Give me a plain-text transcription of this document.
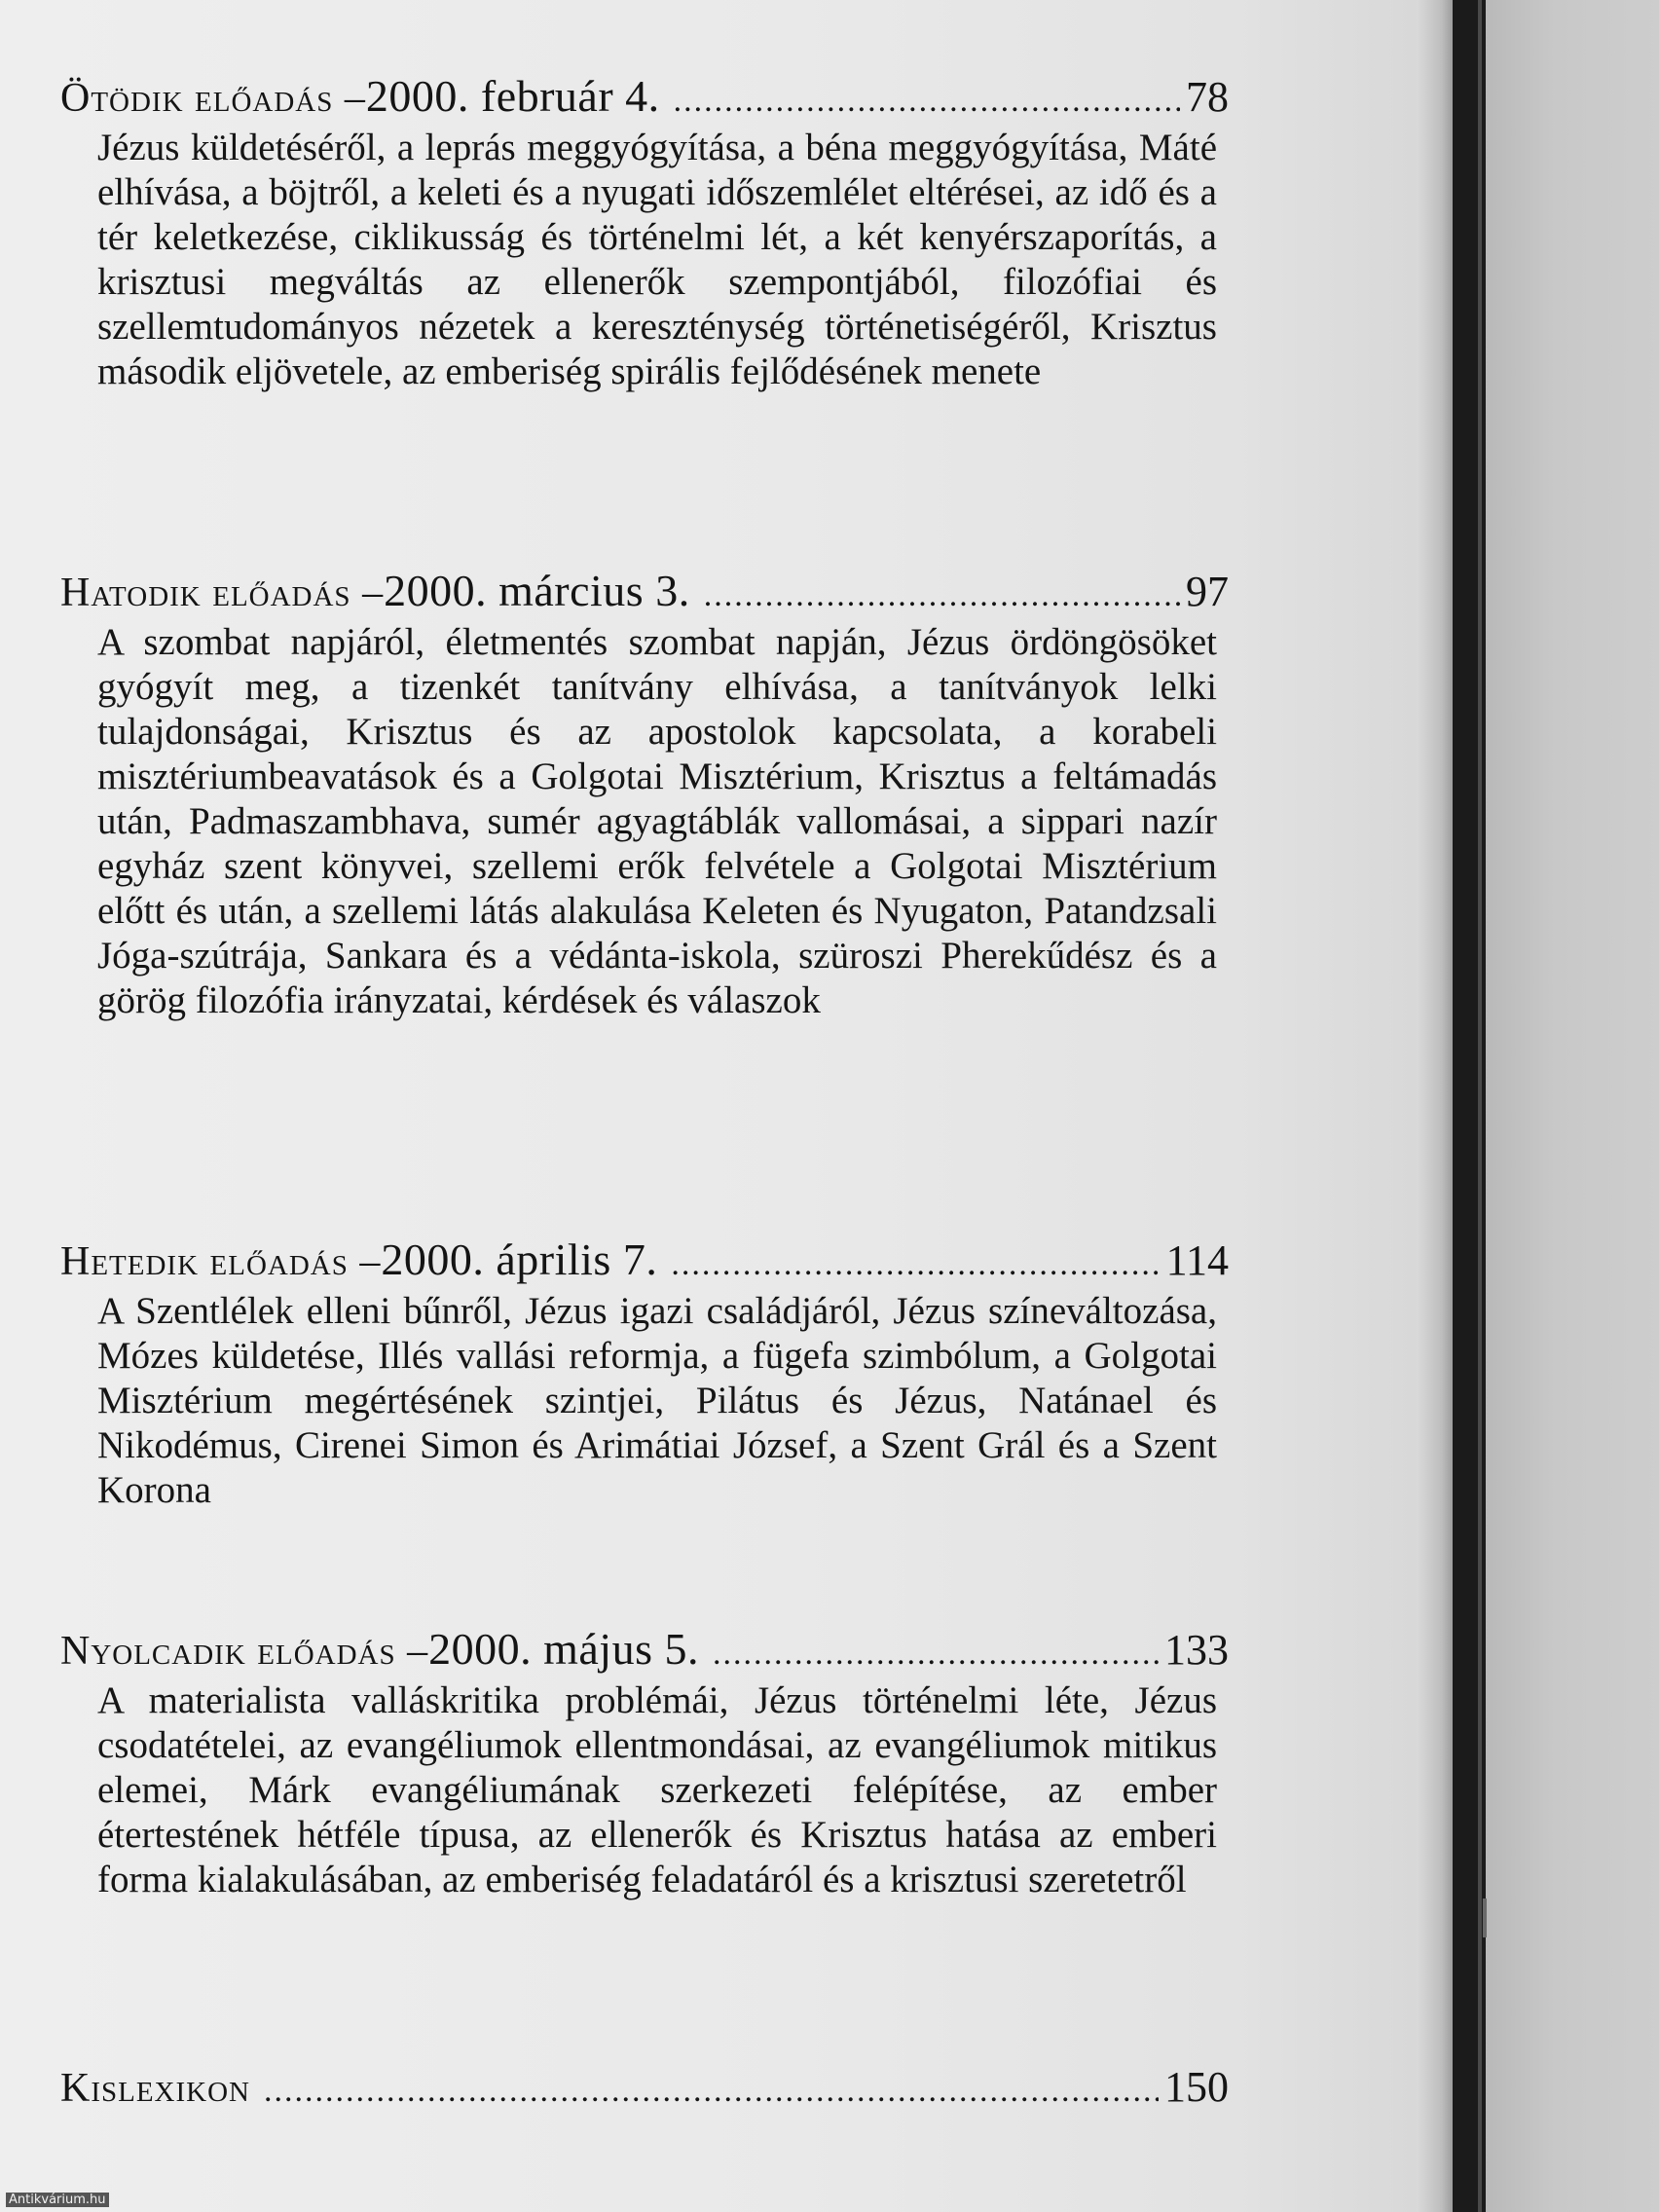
Ötödik előadás – 2000. február 4. .....	78
Jézus küldetéséről, a leprás meggyógyítása, a béna meggyógyítása, Máté elhívása, a böjtről, a keleti és a nyugati időszemlélet eltérései, az idő és a tér keletkezése, ciklikusság és történelmi lét, a két kenyérszaporítás, a krisztusi megváltás az ellenerők szempontjából, filozófiai és szellemtudományos nézetek a kereszténység történetiségéről, Krisztus második eljövetele, az emberiség spirális fejlődésének menete
Hatodik előadás – 2000. március 3. .....	97
A szombat napjáról, életmentés szombat napján, Jézus ördöngösöket gyógyít meg, a tizenkét tanítvány elhívása, a tanítványok lelki tulajdonságai, Krisztus és az apostolok kapcsolata, a korabeli misztériumbeavatások és a Golgotai Misztérium, Krisztus a feltámadás után, Padmaszambhava, sumér agyagtáblák vallomásai, a sippari nazír egyház szent könyvei, szellemi erők felvétele a Golgotai Misztérium előtt és után, a szellemi látás alakulása Keleten és Nyugaton, Patandzsali Jóga-szútrája, Sankara és a védánta-iskola, szüroszi Pherekűdész és a görög filozófia irányzatai, kérdések és válaszok
Hetedik előadás – 2000. április 7. .....	114
A Szentlélek elleni bűnről, Jézus igazi családjáról, Jézus színeváltozása, Mózes küldetése, Illés vallási reformja, a fügefa szimbólum, a Golgotai Misztérium megértésének szintjei, Pilátus és Jézus, Natánael és Nikodémus, Cirenei Simon és Arimátiai József, a Szent Grál és a Szent Korona
Nyolcadik előadás – 2000. május 5. .....	133
A materialista valláskritika problémái, Jézus történelmi léte, Jézus csodatételei, az evangéliumok ellentmondásai, az evangéliumok mitikus elemei, Márk evangéliumának szerkezeti felépítése, az ember étertestének hétféle típusa, az ellenerők és Krisztus hatása az emberi forma kialakulásában, az emberiség feladatáról és a krisztusi szeretetről
Kislexikon .....	150
Antikvárium.hu
